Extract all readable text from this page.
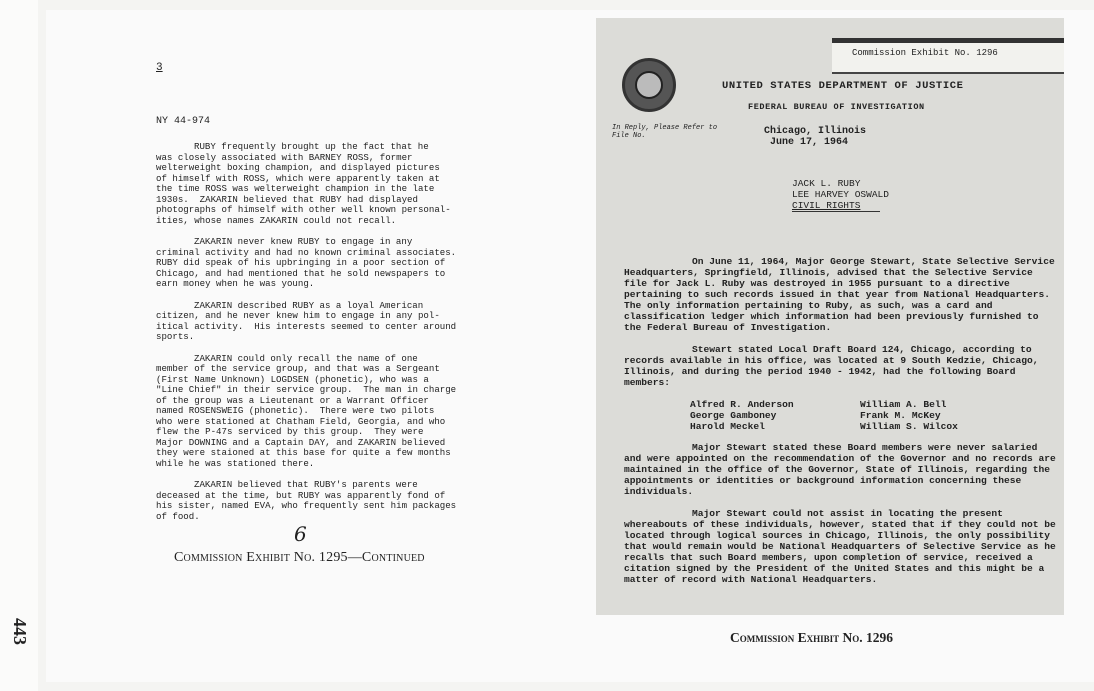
443
3
NY 44-974

RUBY frequently brought up the fact that he
was closely associated with BARNEY ROSS, former
welterweight boxing champion, and displayed pictures
of himself with ROSS, which were apparently taken at
the time ROSS was welterweight champion in the late
1930s.  ZAKARIN believed that RUBY had displayed
photographs of himself with other well known personal-
ities, whose names ZAKARIN could not recall.

ZAKARIN never knew RUBY to engage in any
criminal activity and had no known criminal associates.
RUBY did speak of his upbringing in a poor section of
Chicago, and had mentioned that he sold newspapers to
earn money when he was young.

ZAKARIN described RUBY as a loyal American
citizen, and he never knew him to engage in any pol-
itical activity.  His interests seemed to center around
sports.

ZAKARIN could only recall the name of one
member of the service group, and that was a Sergeant
(First Name Unknown) LOGDSEN (phonetic), who was a
"Line Chief" in their service group.  The man in charge
of the group was a Lieutenant or a Warrant Officer
named ROSENSWEIG (phonetic).  There were two pilots
who were stationed at Chatham Field, Georgia, and who
flew the P-47s serviced by this group.  They were
Major DOWNING and a Captain DAY, and ZAKARIN believed
they were staioned at this base for quite a few months
while he was stationed there.

ZAKARIN believed that RUBY's parents were
deceased at the time, but RUBY was apparently fond of
his sister, named EVA, who frequently sent him packages
of food.

6
Commission Exhibit No. 1295—Continued
Commission Exhibit No. 1296
UNITED STATES DEPARTMENT OF JUSTICE
FEDERAL BUREAU OF INVESTIGATION
In Reply, Please Refer to File No.	Chicago, Illinois
June 17, 1964
JACK L. RUBY
LEE HARVEY OSWALD
CIVIL RIGHTS

On June 11, 1964, Major George Stewart, State Selective Service Headquarters, Springfield, Illinois, advised that the Selective Service file for Jack L. Ruby was destroyed in 1955 pursuant to a directive pertaining to such records issued in that year from National Headquarters. The only information pertaining to Ruby, as such, was a card and classification ledger which information had been previously furnished to the Federal Bureau of Investigation.

Stewart stated Local Draft Board 124, Chicago, according to records available in his office, was located at 9 South Kedzie, Chicago, Illinois, and during the period 1940 - 1942, had the following Board members:

Alfred R. Anderson	William A. Bell
George Gamboney	Frank M. McKey
Harold Meckel	William S. Wilcox

Major Stewart stated these Board members were never salaried and were appointed on the recommendation of the Governor and no records are maintained in the office of the Governor, State of Illinois, regarding the appointments or identities or background information concerning these individuals.

Major Stewart could not assist in locating the present whereabouts of these individuals, however, stated that if they could not be located through logical sources in Chicago, Illinois, the only possibility that would remain would be National Headquarters of Selective Service as he recalls that such Board members, upon completion of service, received a citation signed by the President of the United States and this might be a matter of record with National Headquarters.

Commission Exhibit No. 1296
